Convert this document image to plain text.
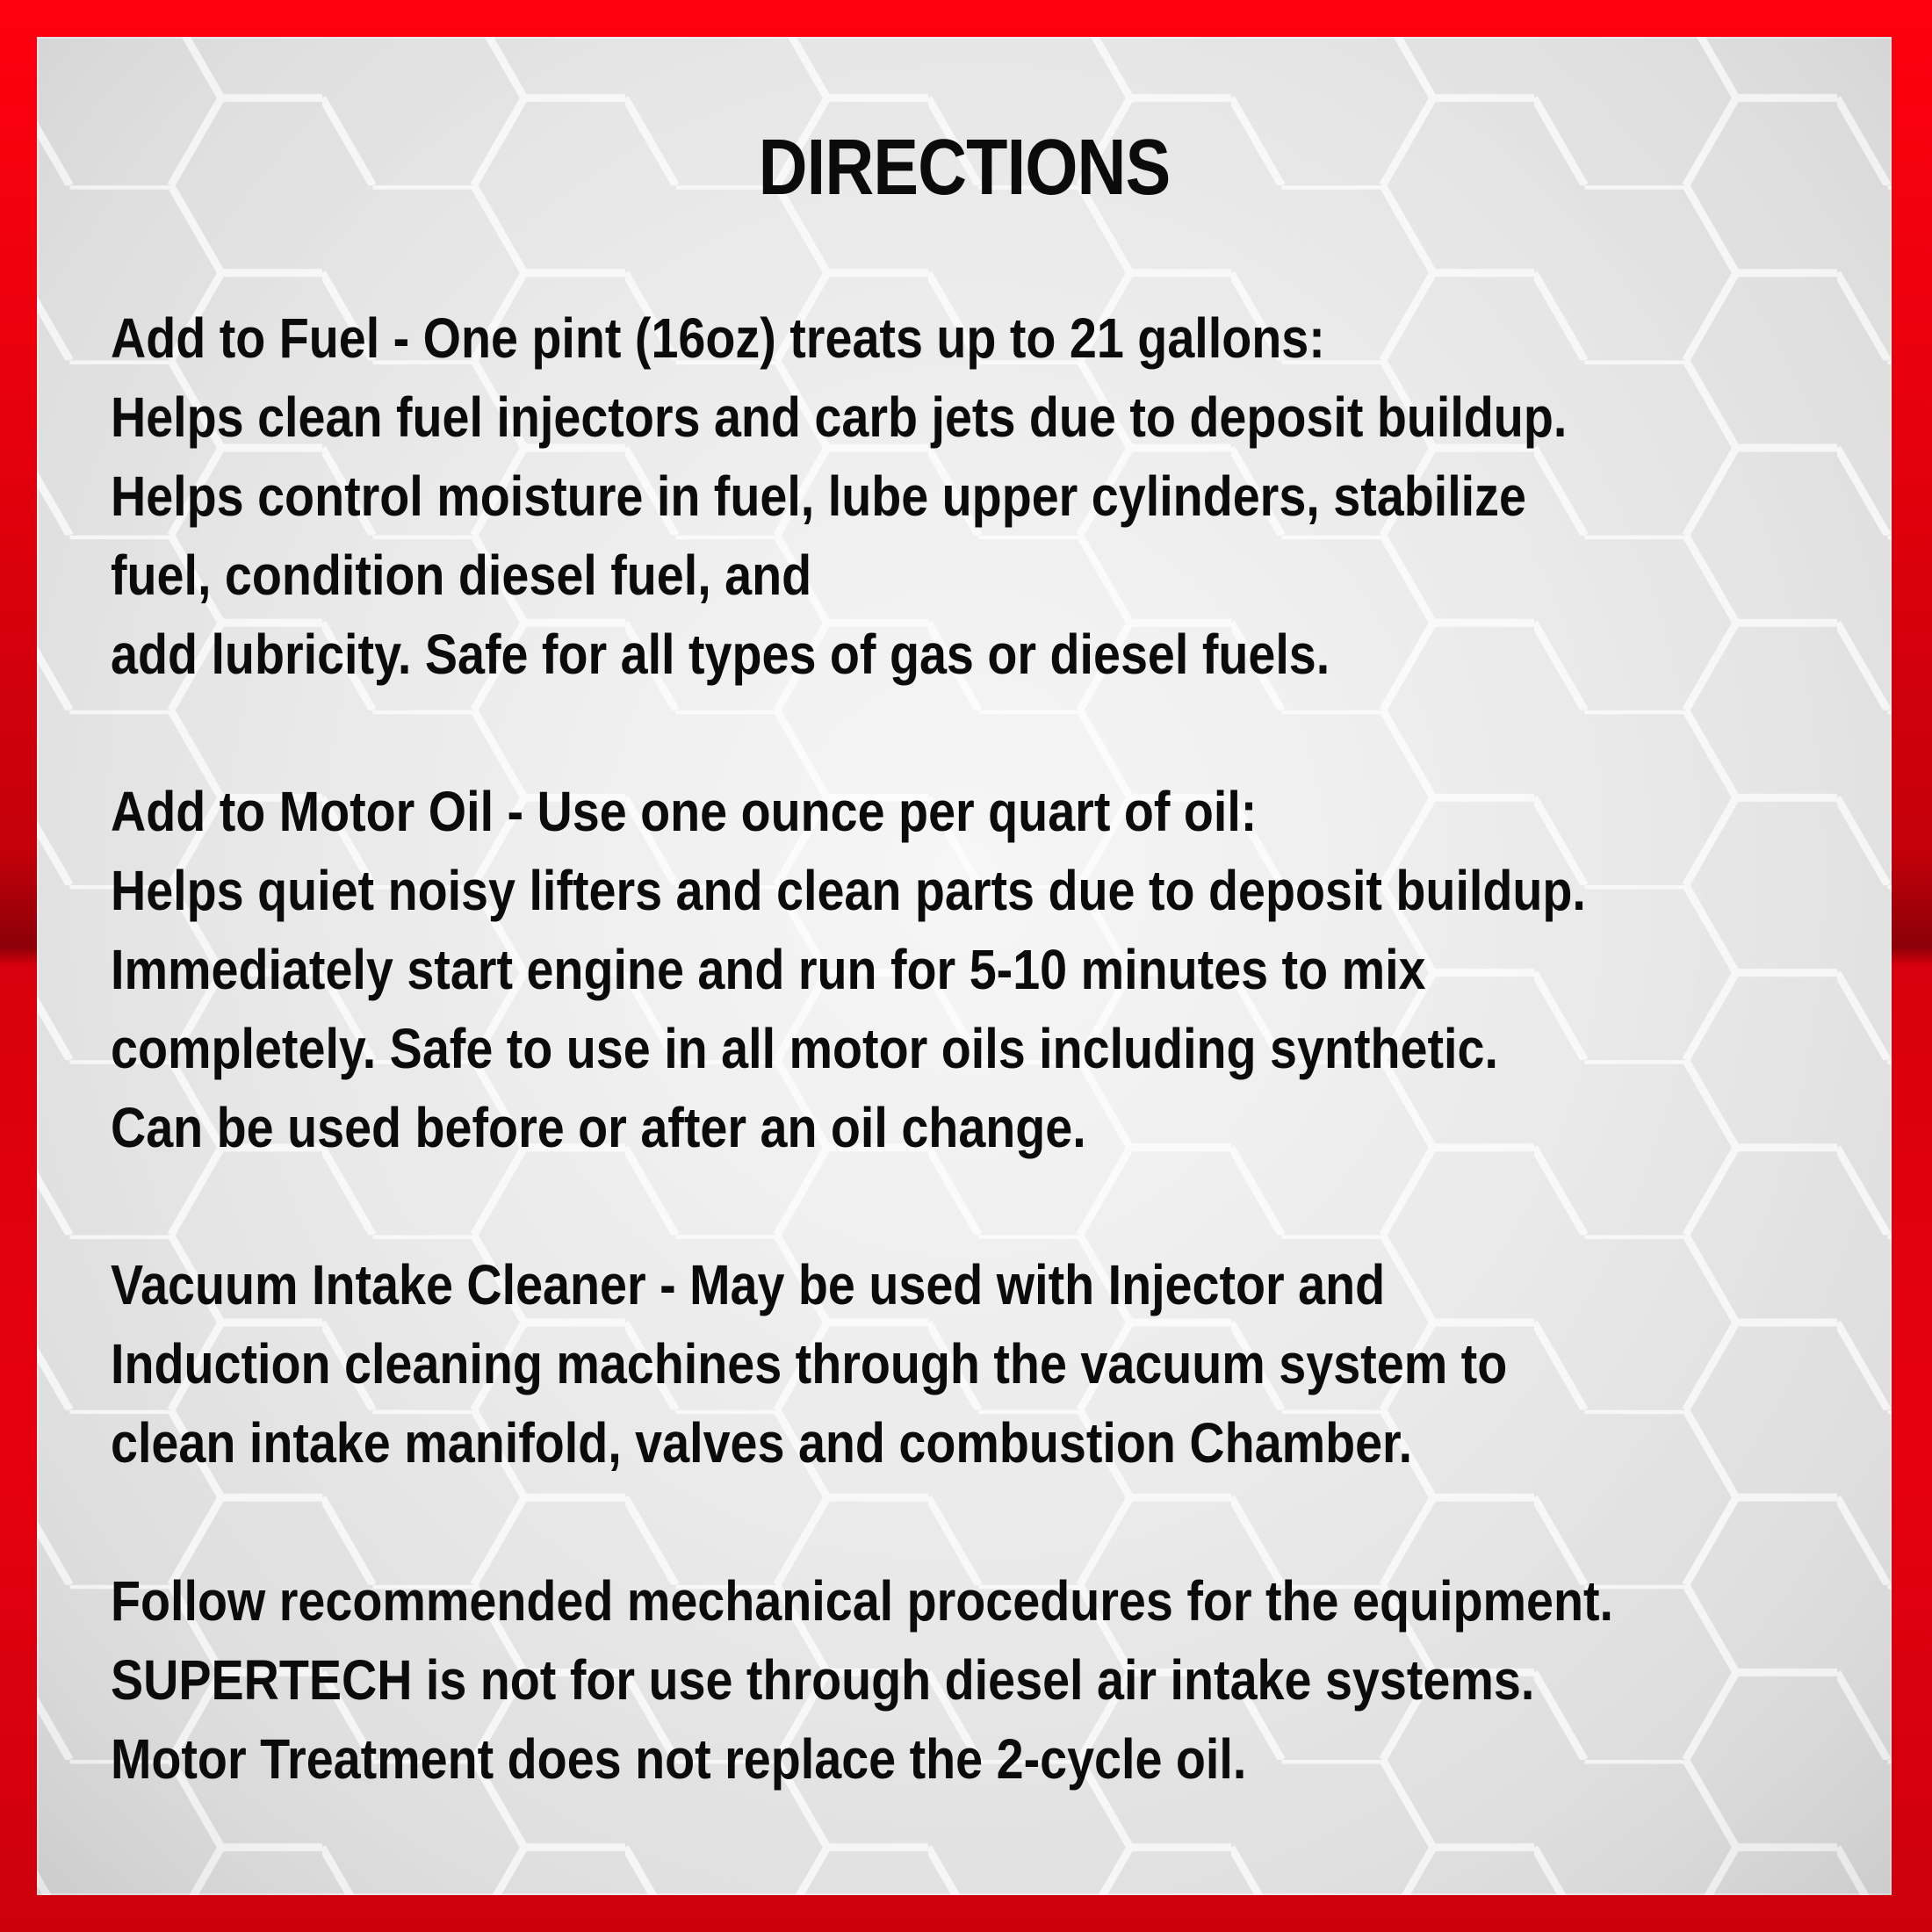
DIRECTIONS
Add to Fuel - One pint (16oz) treats up to 21 gallons:
Helps clean fuel injectors and carb jets due to deposit buildup.
Helps control moisture in fuel, lube upper cylinders, stabilize
fuel, condition diesel fuel, and
add lubricity. Safe for all types of gas or diesel fuels.
Add to Motor Oil - Use one ounce per quart of oil:
Helps quiet noisy lifters and clean parts due to deposit buildup.
Immediately start engine and run for 5-10 minutes to mix
completely. Safe to use in all motor oils including synthetic.
Can be used before or after an oil change.
Vacuum Intake Cleaner - May be used with Injector and
Induction cleaning machines through the vacuum system to
clean intake manifold, valves and combustion Chamber.
Follow recommended mechanical procedures for the equipment.
SUPERTECH is not for use through diesel air intake systems.
Motor Treatment does not replace the 2-cycle oil.
